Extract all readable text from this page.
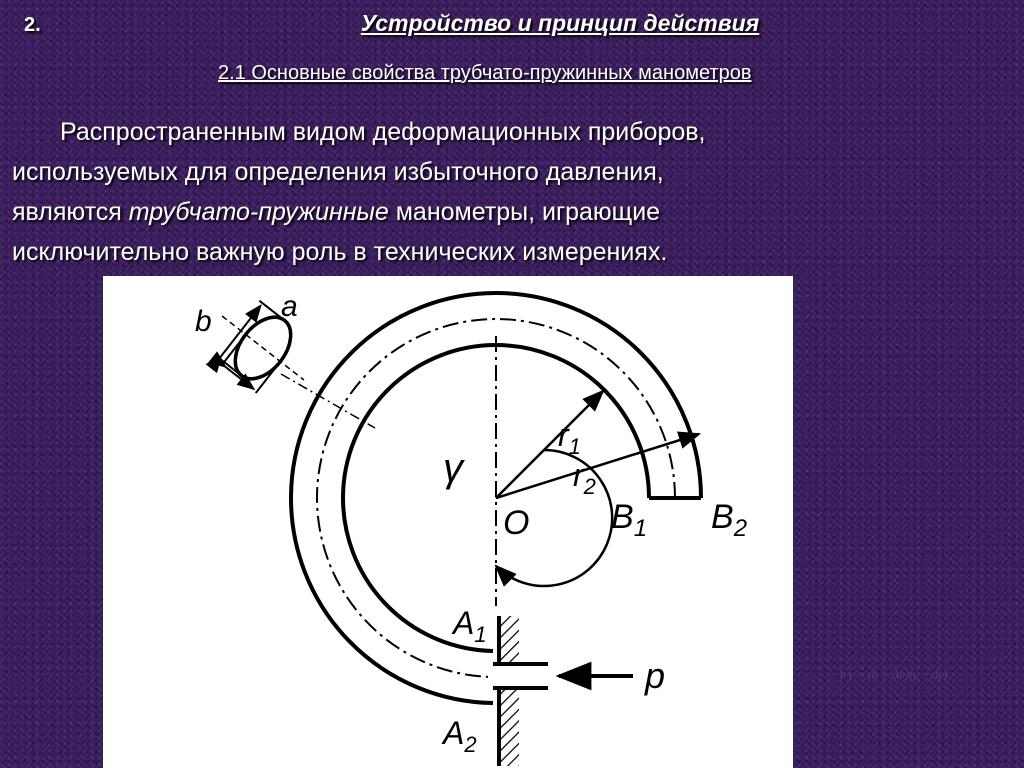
2.	Устройство и принцип действия
2.1 Основные свойства трубчато-пружинных манометров
Распространенным видом деформационных приборов,
используемых для определения избыточного давления,
являются трубчато-пружинные манометры, играющие
исключительно важную роль в технических измерениях.
b a
γ
$r_1$
$r_2$
O $B_1$ $B_2$
$A_1$
$A_2$
p	b γ = (b + Δb)(γ − Δγ).
